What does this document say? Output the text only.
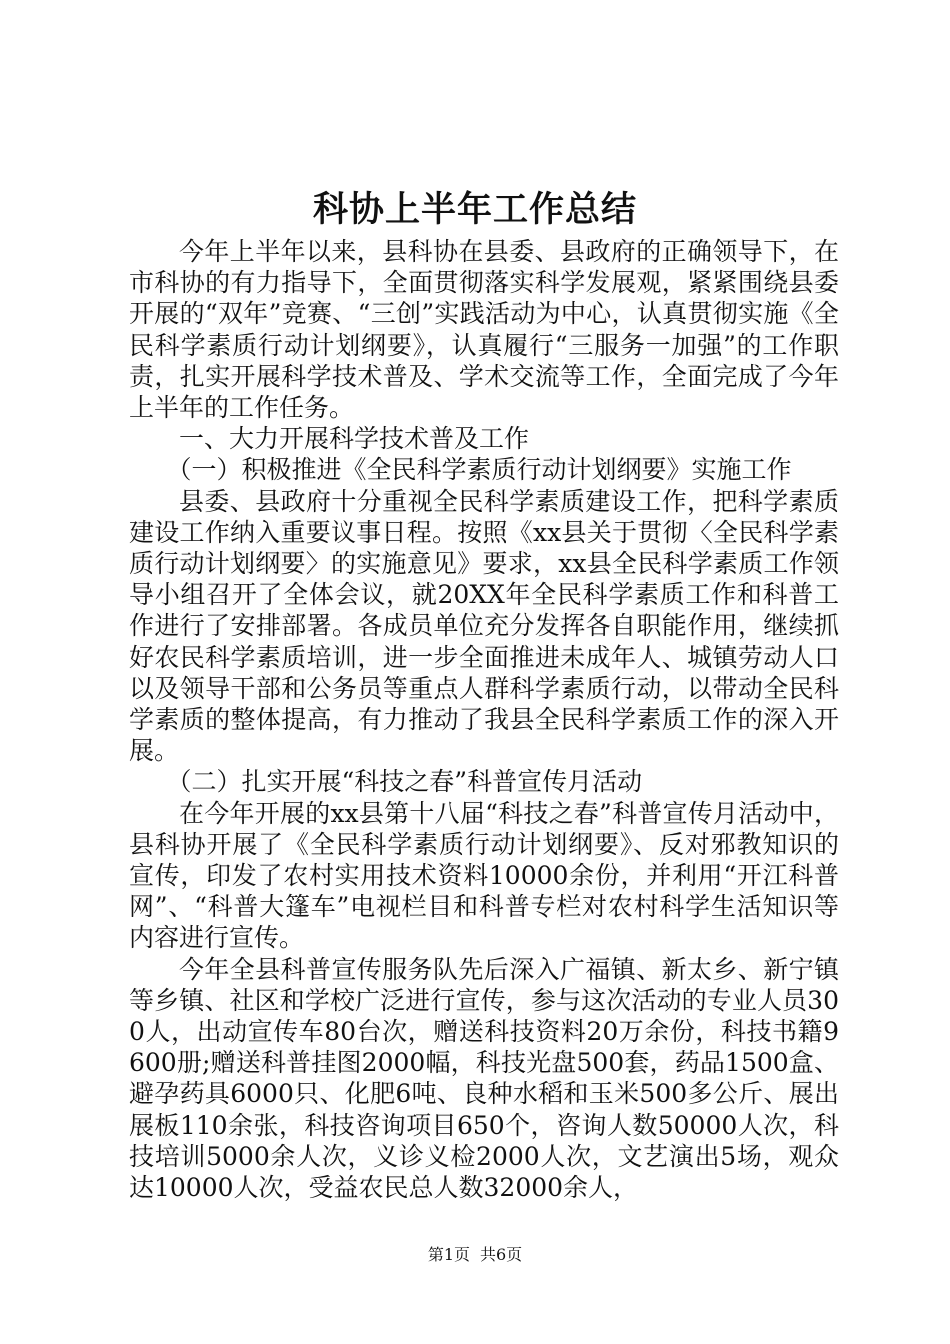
科协上半年工作总结

今年上半年以来，县科协在县委、县政府的正确领导下，在市科协的有力指导下，全面贯彻落实科学发展观，紧紧围绕县委开展的“双年”竞赛、“三创”实践活动为中心，认真贯彻实施《全民科学素质行动计划纲要》，认真履行“三服务一加强”的工作职责，扎实开展科学技术普及、学术交流等工作，全面完成了今年上半年的工作任务。

一、大力开展科学技术普及工作

（一）积极推进《全民科学素质行动计划纲要》实施工作

县委、县政府十分重视全民科学素质建设工作，把科学素质建设工作纳入重要议事日程。按照《xx县关于贯彻〈全民科学素质行动计划纲要〉的实施意见》要求，xx县全民科学素质工作领导小组召开了全体会议，就20XX年全民科学素质工作和科普工作进行了安排部署。各成员单位充分发挥各自职能作用，继续抓好农民科学素质培训，进一步全面推进未成年人、城镇劳动人口以及领导干部和公务员等重点人群科学素质行动，以带动全民科学素质的整体提高，有力推动了我县全民科学素质工作的深入开展。

（二）扎实开展“科技之春”科普宣传月活动

在今年开展的xx县第十八届“科技之春”科普宣传月活动中，县科协开展了《全民科学素质行动计划纲要》、反对邪教知识的宣传，印发了农村实用技术资料10000余份，并利用“开江科普网”、“科普大篷车”电视栏目和科普专栏对农村科学生活知识等内容进行宣传。

今年全县科普宣传服务队先后深入广福镇、新太乡、新宁镇等乡镇、社区和学校广泛进行宣传，参与这次活动的专业人员300人，出动宣传车80台次，赠送科技资料20万余份，科技书籍9600册;赠送科普挂图2000幅，科技光盘500套，药品1500盒、避孕药具6000只、化肥6吨、良种水稻和玉米500多公斤、展出展板110余张，科技咨询项目650个，咨询人数50000人次，科技培训5000余人次，义诊义检2000人次，文艺演出5场，观众达10000人次，受益农民总人数32000余人，

第1页 共6页
